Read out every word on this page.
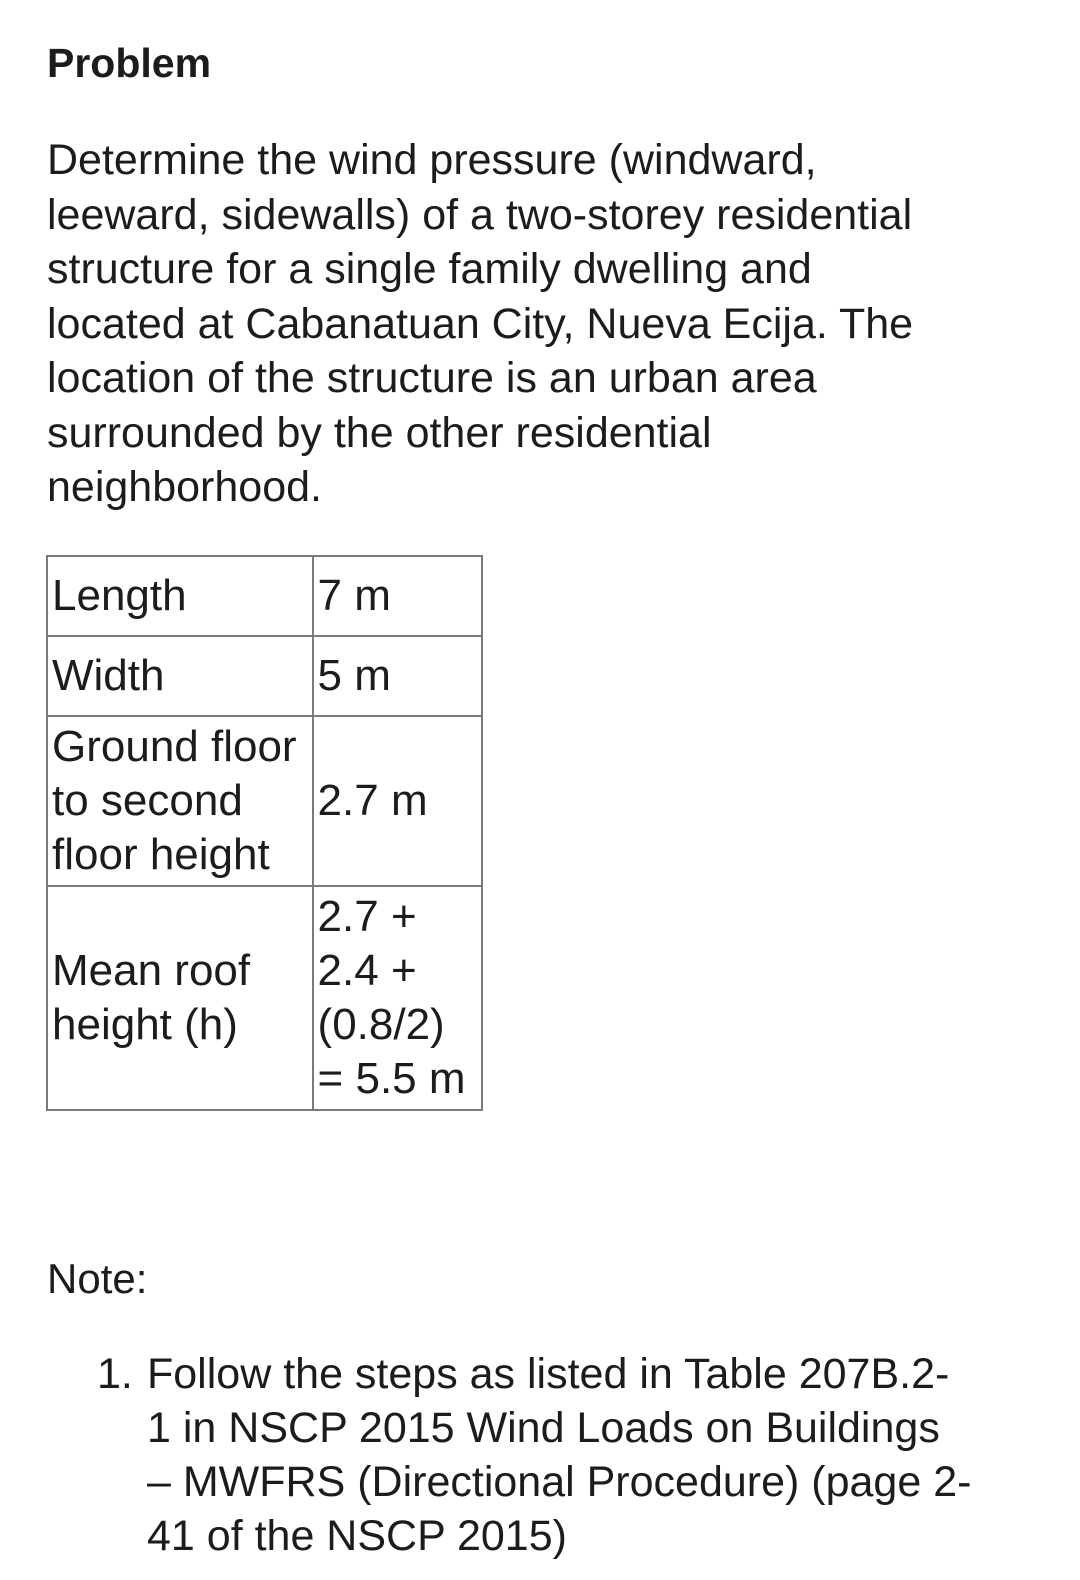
Problem

Determine the wind pressure (windward,
leeward, sidewalls) of a two-storey residential
structure for a single family dwelling and
located at Cabanatuan City, Nueva Ecija. The
location of the structure is an urban area
surrounded by the other residential
neighborhood.

Length	7 m

Width	5 m

Ground floor
to second
floor height	2.7 m

Mean roof
height (h)	2.7 +
2.4 +
(0.8/2)
= 5.5 m

Note:

1. Follow the steps as listed in Table 207B.2-
1 in NSCP 2015 Wind Loads on Buildings
– MWFRS (Directional Procedure) (page 2-
41 of the NSCP 2015)
